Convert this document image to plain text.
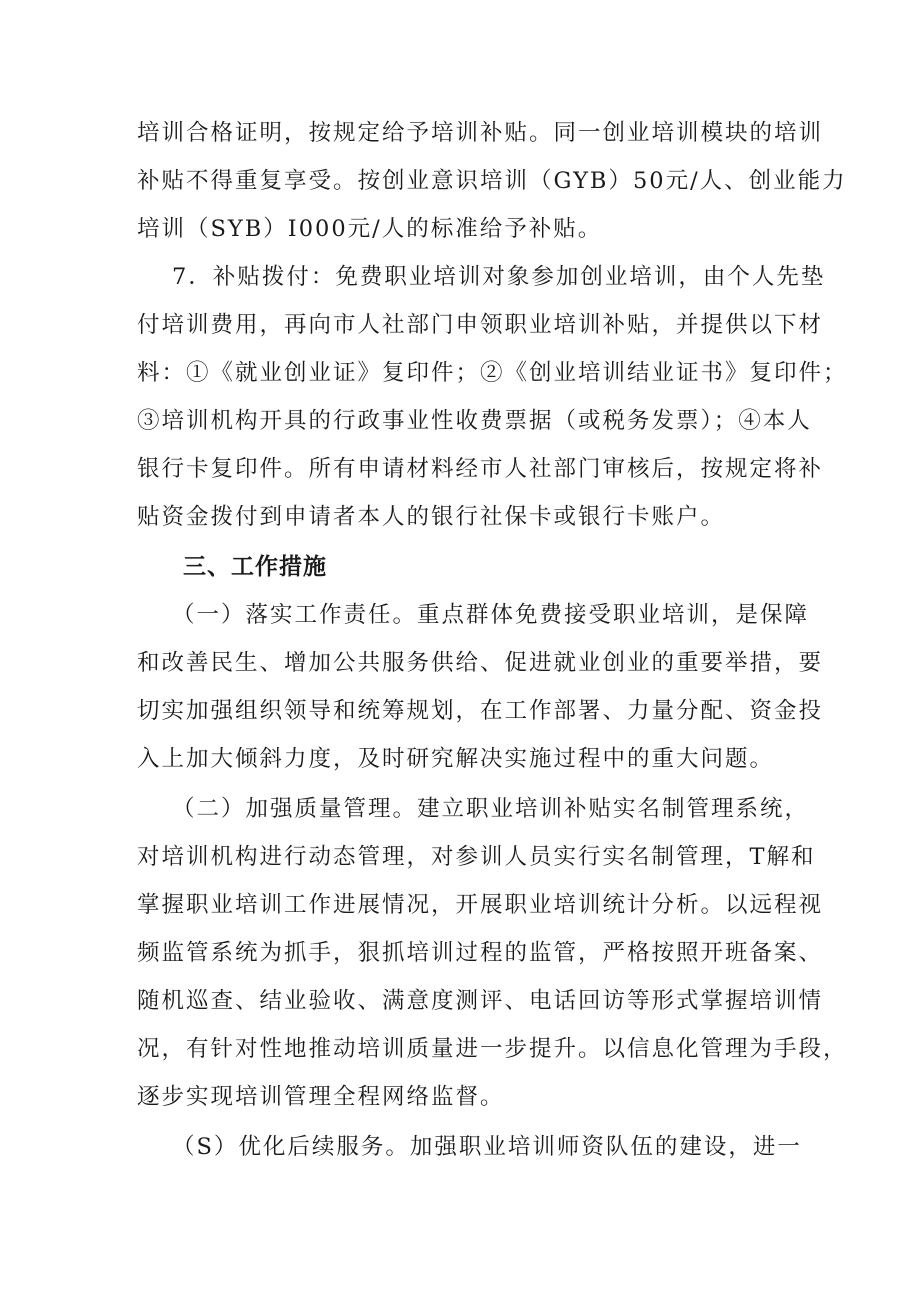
培训合格证明，按规定给予培训补贴。同一创业培训模块的培训
补贴不得重复享受。按创业意识培训（GYB）50元/人、创业能力
培训（SYB）I000元/人的标准给予补贴。
7．补贴拨付：免费职业培训对象参加创业培训，由个人先垫
付培训费用，再向市人社部门申领职业培训补贴，并提供以下材
料：①《就业创业证》复印件；②《创业培训结业证书》复印件；
③培训机构开具的行政事业性收费票据（或税务发票）；④本人
银行卡复印件。所有申请材料经市人社部门审核后，按规定将补
贴资金拨付到申请者本人的银行社保卡或银行卡账户。
三、工作措施
（一）落实工作责任。重点群体免费接受职业培训，是保障
和改善民生、增加公共服务供给、促进就业创业的重要举措，要
切实加强组织领导和统筹规划，在工作部署、力量分配、资金投
入上加大倾斜力度，及时研究解决实施过程中的重大问题。
（二）加强质量管理。建立职业培训补贴实名制管理系统，
对培训机构进行动态管理，对参训人员实行实名制管理，T解和
掌握职业培训工作进展情况，开展职业培训统计分析。以远程视
频监管系统为抓手，狠抓培训过程的监管，严格按照开班备案、
随机巡查、结业验收、满意度测评、电话回访等形式掌握培训情
况，有针对性地推动培训质量进一步提升。以信息化管理为手段，
逐步实现培训管理全程网络监督。
（S）优化后续服务。加强职业培训师资队伍的建设，进一
